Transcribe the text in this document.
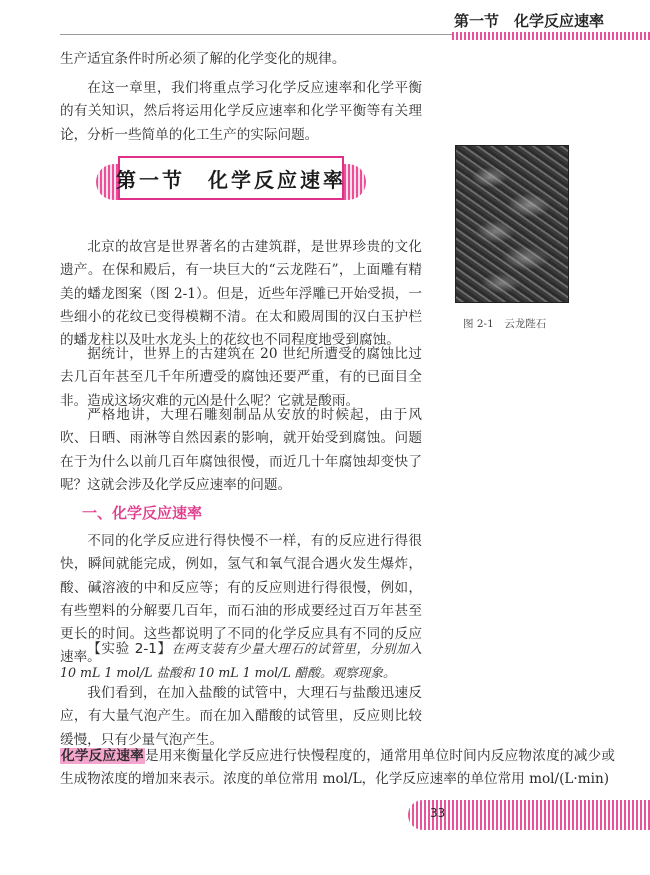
第一节　化学反应速率

生产适宜条件时所必须了解的化学变化的规律。

在这一章里，我们将重点学习化学反应速率和化学平衡的有关知识，然后将运用化学反应速率和化学平衡等有关理论，分析一些简单的化工生产的实际问题。

第一节　化学反应速率
图 2-1　云龙陛石

北京的故宫是世界著名的古建筑群，是世界珍贵的文化遗产。在保和殿后，有一块巨大的“云龙陛石”，上面雕有精美的蟠龙图案（图 2-1）。但是，近些年浮雕已开始受损，一些细小的花纹已变得模糊不清。在太和殿周围的汉白玉护栏的蟠龙柱以及吐水龙头上的花纹也不同程度地受到腐蚀。

据统计，世界上的古建筑在 20 世纪所遭受的腐蚀比过去几百年甚至几千年所遭受的腐蚀还要严重，有的已面目全非。造成这场灾难的元凶是什么呢？它就是酸雨。

严格地讲，大理石雕刻制品从安放的时候起，由于风吹、日晒、雨淋等自然因素的影响，就开始受到腐蚀。问题在于为什么以前几百年腐蚀很慢，而近几十年腐蚀却变快了呢？这就会涉及化学反应速率的问题。

一、化学反应速率

不同的化学反应进行得快慢不一样，有的反应进行得很快，瞬间就能完成，例如，氢气和氧气混合遇火发生爆炸，酸、碱溶液的中和反应等；有的反应则进行得很慢，例如，有些塑料的分解要几百年，而石油的形成要经过百万年甚至更长的时间。这些都说明了不同的化学反应具有不同的反应速率。

【实验 2-1】在两支装有少量大理石的试管里，分别加入 10 mL 1 mol/L 盐酸和 10 mL 1 mol/L 醋酸。观察现象。

我们看到，在加入盐酸的试管中，大理石与盐酸迅速反应，有大量气泡产生。而在加入醋酸的试管里，反应则比较缓慢，只有少量气泡产生。

化学反应速率是用来衡量化学反应进行快慢程度的，通常用单位时间内反应物浓度的减少或生成物浓度的增加来表示。浓度的单位常用 mol/L，化学反应速率的单位常用 mol/(L·min)

33
